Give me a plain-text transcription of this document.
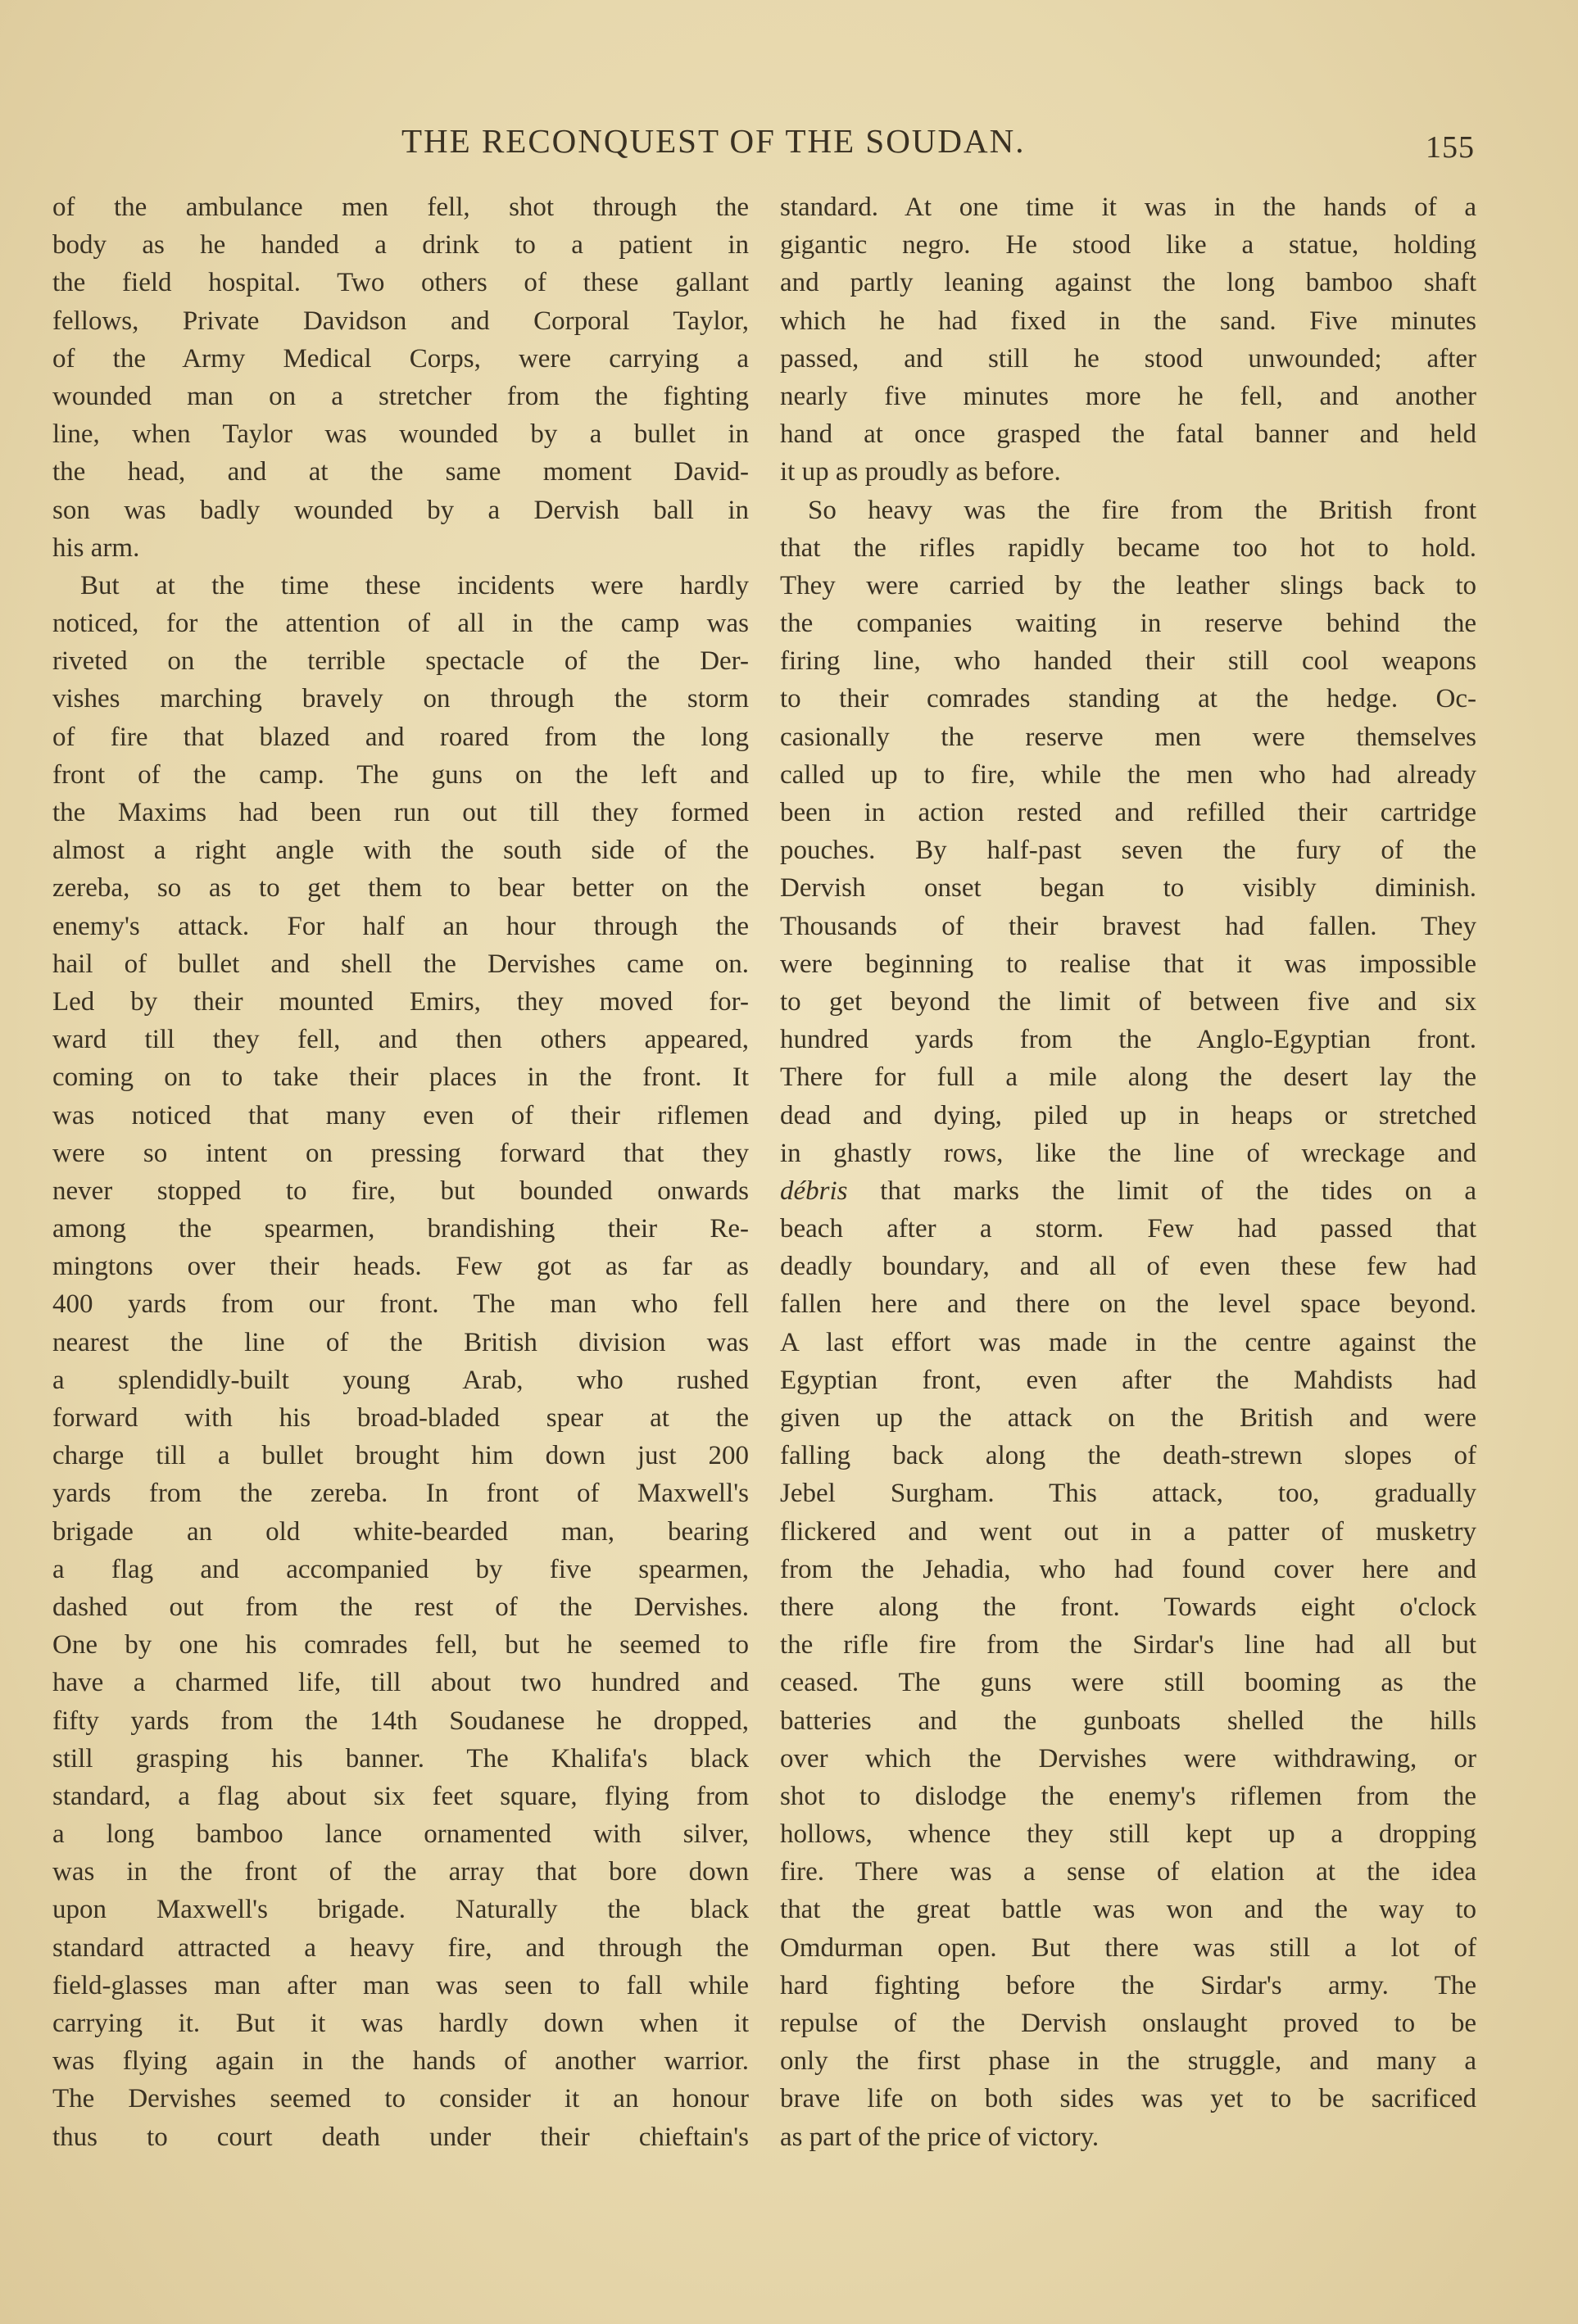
THE RECONQUEST OF THE SOUDAN.	155
of the ambulance men fell, shot through the
body as he handed a drink to a patient in
the field hospital. Two others of these gallant
fellows, Private Davidson and Corporal Taylor,
of the Army Medical Corps, were carrying a
wounded man on a stretcher from the fighting
line, when Taylor was wounded by a bullet in
the head, and at the same moment David-
son was badly wounded by a Dervish ball in
his arm.
But at the time these incidents were hardly
noticed, for the attention of all in the camp was
riveted on the terrible spectacle of the Der-
vishes marching bravely on through the storm
of fire that blazed and roared from the long
front of the camp. The guns on the left and
the Maxims had been run out till they formed
almost a right angle with the south side of the
zereba, so as to get them to bear better on the
enemy's attack. For half an hour through the
hail of bullet and shell the Dervishes came on.
Led by their mounted Emirs, they moved for-
ward till they fell, and then others appeared,
coming on to take their places in the front. It
was noticed that many even of their riflemen
were so intent on pressing forward that they
never stopped to fire, but bounded onwards
among the spearmen, brandishing their Re-
mingtons over their heads. Few got as far as
400 yards from our front. The man who fell
nearest the line of the British division was
a splendidly-built young Arab, who rushed
forward with his broad-bladed spear at the
charge till a bullet brought him down just 200
yards from the zereba. In front of Maxwell's
brigade an old white-bearded man, bearing
a flag and accompanied by five spearmen,
dashed out from the rest of the Dervishes.
One by one his comrades fell, but he seemed to
have a charmed life, till about two hundred and
fifty yards from the 14th Soudanese he dropped,
still grasping his banner. The Khalifa's black
standard, a flag about six feet square, flying from
a long bamboo lance ornamented with silver,
was in the front of the array that bore down
upon Maxwell's brigade. Naturally the black
standard attracted a heavy fire, and through the
field-glasses man after man was seen to fall while
carrying it. But it was hardly down when it
was flying again in the hands of another warrior.
The Dervishes seemed to consider it an honour
thus to court death under their chieftain's
standard. At one time it was in the hands of a
gigantic negro. He stood like a statue, holding
and partly leaning against the long bamboo shaft
which he had fixed in the sand. Five minutes
passed, and still he stood unwounded; after
nearly five minutes more he fell, and another
hand at once grasped the fatal banner and held
it up as proudly as before.
So heavy was the fire from the British front
that the rifles rapidly became too hot to hold.
They were carried by the leather slings back to
the companies waiting in reserve behind the
firing line, who handed their still cool weapons
to their comrades standing at the hedge. Oc-
casionally the reserve men were themselves
called up to fire, while the men who had already
been in action rested and refilled their cartridge
pouches. By half-past seven the fury of the
Dervish onset began to visibly diminish.
Thousands of their bravest had fallen. They
were beginning to realise that it was impossible
to get beyond the limit of between five and six
hundred yards from the Anglo-Egyptian front.
There for full a mile along the desert lay the
dead and dying, piled up in heaps or stretched
in ghastly rows, like the line of wreckage and
débris that marks the limit of the tides on a
beach after a storm. Few had passed that
deadly boundary, and all of even these few had
fallen here and there on the level space beyond.
A last effort was made in the centre against the
Egyptian front, even after the Mahdists had
given up the attack on the British and were
falling back along the death-strewn slopes of
Jebel Surgham. This attack, too, gradually
flickered and went out in a patter of musketry
from the Jehadia, who had found cover here and
there along the front. Towards eight o'clock
the rifle fire from the Sirdar's line had all but
ceased. The guns were still booming as the
batteries and the gunboats shelled the hills
over which the Dervishes were withdrawing, or
shot to dislodge the enemy's riflemen from the
hollows, whence they still kept up a dropping
fire. There was a sense of elation at the idea
that the great battle was won and the way to
Omdurman open. But there was still a lot of
hard fighting before the Sirdar's army. The
repulse of the Dervish onslaught proved to be
only the first phase in the struggle, and many a
brave life on both sides was yet to be sacrificed
as part of the price of victory.
